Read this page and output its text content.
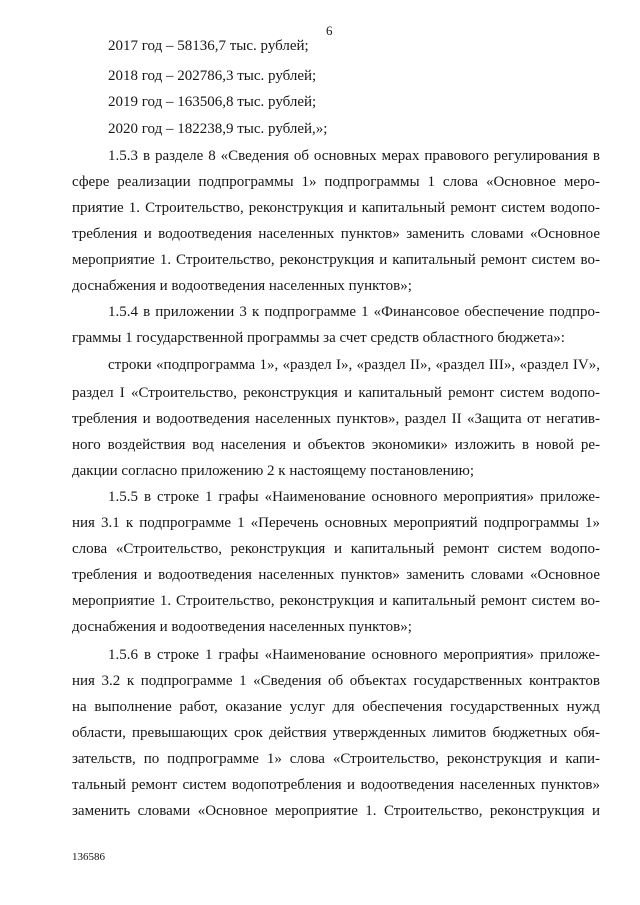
6
2017 год – 58136,7 тыс. рублей;
2018 год – 202786,3 тыс. рублей;
2019 год – 163506,8 тыс. рублей;
2020 год – 182238,9 тыс. рублей,»;
1.5.3 в разделе 8 «Сведения об основных мерах правового регулирования в
сфере реализации подпрограммы 1» подпрограммы 1 слова «Основное меро-
приятие 1. Строительство, реконструкция и капитальный ремонт систем водопо-
требления и водоотведения населенных пунктов» заменить словами «Основное
мероприятие 1. Строительство, реконструкция и капитальный ремонт систем во-
доснабжения и водоотведения населенных пунктов»;
1.5.4 в приложении 3 к подпрограмме 1 «Финансовое обеспечение подпро-
граммы 1 государственной программы за счет средств областного бюджета»:
строки «подпрограмма 1», «раздел I», «раздел II», «раздел III», «раздел IV»,
раздел I «Строительство, реконструкция и капитальный ремонт систем водопо-
требления и водоотведения населенных пунктов», раздел II «Защита от негатив-
ного воздействия вод населения и объектов экономики» изложить в новой ре-
дакции согласно приложению 2 к настоящему постановлению;
1.5.5 в строке 1 графы «Наименование основного мероприятия» приложе-
ния 3.1 к подпрограмме 1 «Перечень основных мероприятий подпрограммы 1»
слова «Строительство, реконструкция и капитальный ремонт систем водопо-
требления и водоотведения населенных пунктов» заменить словами «Основное
мероприятие 1. Строительство, реконструкция и капитальный ремонт систем во-
доснабжения и водоотведения населенных пунктов»;
1.5.6 в строке 1 графы «Наименование основного мероприятия» приложе-
ния 3.2 к подпрограмме 1 «Сведения об объектах государственных контрактов
на выполнение работ, оказание услуг для обеспечения государственных нужд
области, превышающих срок действия утвержденных лимитов бюджетных обя-
зательств, по подпрограмме 1» слова «Строительство, реконструкция и капи-
тальный ремонт систем водопотребления и водоотведения населенных пунктов»
заменить словами «Основное мероприятие 1. Строительство, реконструкция и
136586
